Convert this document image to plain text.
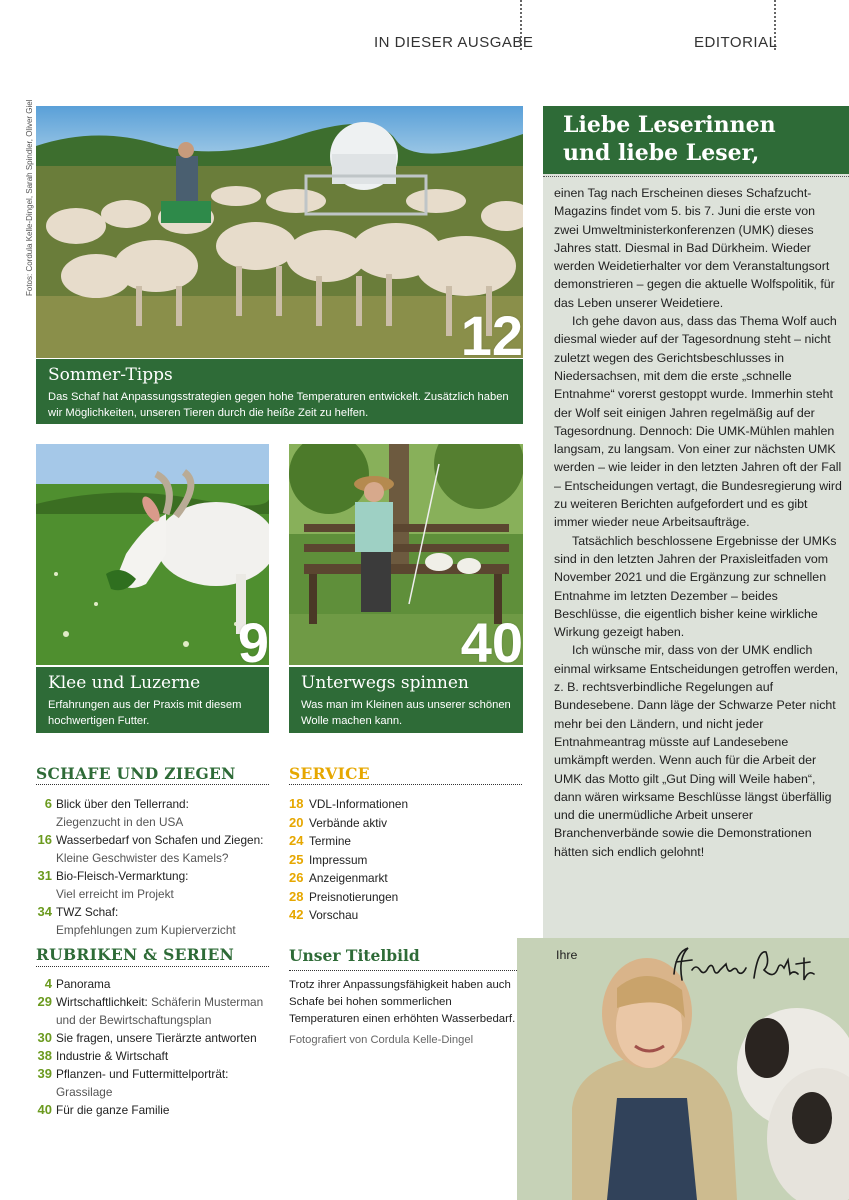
IN DIESER AUSGABE	EDITORIAL
Fotos: Cordula Kelle-Dingel, Sarah Spindler, Oliver Giel
12
Sommer-Tipps
Das Schaf hat Anpassungsstrategien gegen hohe Temperaturen entwickelt. Zusätzlich haben wir Möglichkeiten, unseren Tieren durch die heiße Zeit zu helfen.
9
Klee und Luzerne
Erfahrungen aus der Praxis mit diesem hochwertigen Futter.
40
Unterwegs spinnen
Was man im Kleinen aus unserer schönen Wolle machen kann.
SCHAFE UND ZIEGEN
6 Blick über den Tellerrand:
Ziegenzucht in den USA
16 Wasserbedarf von Schafen und Ziegen:
Kleine Geschwister des Kamels?
31 Bio-Fleisch-Vermarktung:
Viel erreicht im Projekt
34 TWZ Schaf:
Empfehlungen zum Kupierverzicht
RUBRIKEN & SERIEN
4 Panorama
29 Wirtschaftlichkeit: Schäferin Musterman und der Bewirtschaftungsplan
30 Sie fragen, unsere Tierärzte antworten
38 Industrie & Wirtschaft
39 Pflanzen- und Futtermittelporträt:
Grassilage
40 Für die ganze Familie
SERVICE
18 VDL-Informationen
20 Verbände aktiv
24 Termine
25 Impressum
26 Anzeigenmarkt
28 Preisnotierungen
42 Vorschau
Unser Titelbild

Trotz ihrer Anpassungsfähigkeit haben auch Schafe bei hohen sommerlichen Temperaturen einen erhöhten Wasserbedarf.

Fotografiert von Cordula Kelle-Dingel

Liebe Leserinnen
und liebe Leser,

einen Tag nach Erscheinen dieses Schafzucht-Magazins findet vom 5. bis 7. Juni die erste von zwei Umweltministerkonferenzen (UMK) dieses Jahres statt. Diesmal in Bad Dürkheim. Wieder werden Weidetierhalter vor dem Veranstaltungsort demonstrieren – gegen die aktuelle Wolfspolitik, für das Leben unserer Weidetiere.

Ich gehe davon aus, dass das Thema Wolf auch diesmal wieder auf der Tagesordnung steht – nicht zuletzt wegen des Gerichtsbeschlusses in Niedersachsen, mit dem die erste „schnelle Entnahme“ vorerst gestoppt wurde. Immerhin steht der Wolf seit einigen Jahren regelmäßig auf der Tagesordnung. Dennoch: Die UMK-Mühlen mahlen langsam, zu langsam. Von einer zur nächsten UMK werden – wie leider in den letzten Jahren oft der Fall – Entscheidungen vertagt, die Bundesregierung wird zu weiteren Berichten aufgefordert und es gibt immer wieder neue Arbeitsaufträge.

Tatsächlich beschlossene Ergebnisse der UMKs sind in den letzten Jahren der Praxisleitfaden vom November 2021 und die Ergänzung zur schnellen Entnahme im letzten Dezember – beides Beschlüsse, die eigentlich bisher keine wirkliche Wirkung gezeigt haben.

Ich wünsche mir, dass von der UMK endlich einmal wirksame Entscheidungen getroffen werden, z. B. rechtsverbindliche Regelungen auf Bundesebene. Dann läge der Schwarze Peter nicht mehr bei den Ländern, und nicht jeder Entnahmeantrag müsste auf Landesebene umkämpft werden. Wenn auch für die Arbeit der UMK das Motto gilt „Gut Ding will Weile haben“, dann wären wirksame Beschlüsse längst überfällig und die unermüdliche Arbeit unserer Branchenverbände sowie die Demonstrationen hätten sich endlich gelohnt!

Ihre
